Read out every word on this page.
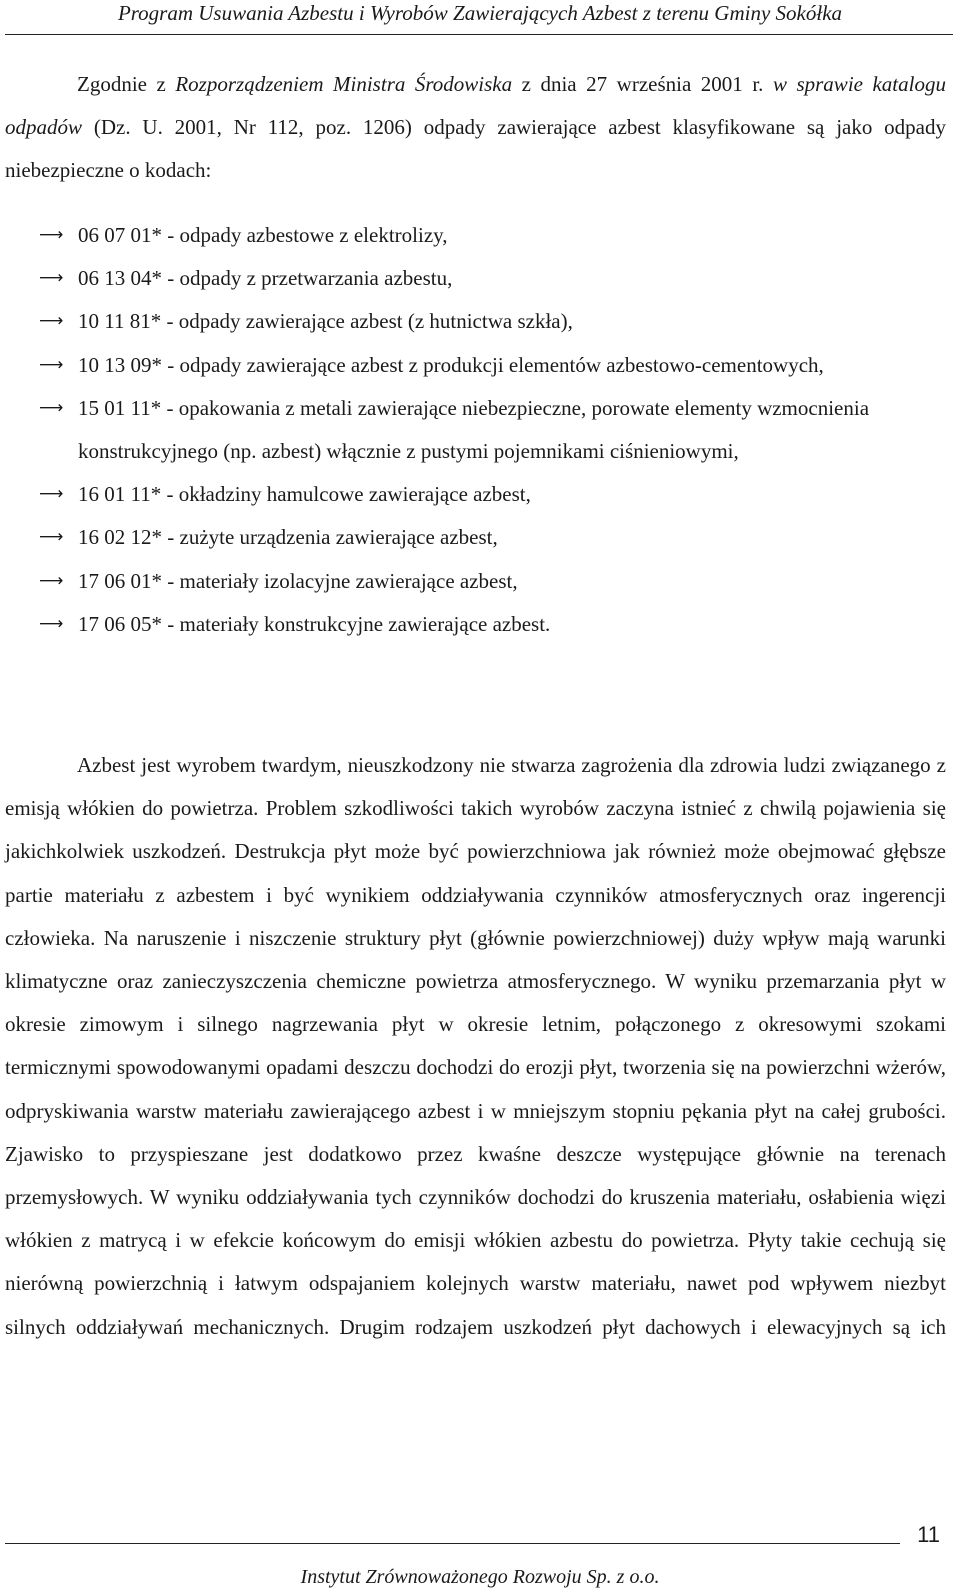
Program Usuwania Azbestu i Wyrobów Zawierających Azbest z terenu Gminy Sokółka

Zgodnie z Rozporządzeniem Ministra Środowiska z dnia 27 września 2001 r. w sprawie katalogu odpadów (Dz. U. 2001, Nr 112, poz. 1206) odpady zawierające azbest klasyfikowane są jako odpady niebezpieczne o kodach:

⟶ 06 07 01* - odpady azbestowe z elektrolizy,
⟶ 06 13 04* - odpady z przetwarzania azbestu,
⟶ 10 11 81* - odpady zawierające azbest (z hutnictwa szkła),
⟶ 10 13 09* - odpady zawierające azbest z produkcji elementów azbestowo-cementowych,
⟶ 15 01 11* - opakowania z metali zawierające niebezpieczne, porowate elementy wzmocnienia konstrukcyjnego (np. azbest) włącznie z pustymi pojemnikami ciśnieniowymi,
⟶ 16 01 11* - okładziny hamulcowe zawierające azbest,
⟶ 16 02 12* - zużyte urządzenia zawierające azbest,
⟶ 17 06 01* - materiały izolacyjne zawierające azbest,
⟶ 17 06 05* - materiały konstrukcyjne zawierające azbest.

Azbest jest wyrobem twardym, nieuszkodzony nie stwarza zagrożenia dla zdrowia ludzi związanego z emisją włókien do powietrza. Problem szkodliwości takich wyrobów zaczyna istnieć z chwilą pojawienia się jakichkolwiek uszkodzeń. Destrukcja płyt może być powierzchniowa jak również może obejmować głębsze partie materiału z azbestem i być wynikiem oddziaływania czynników atmosferycznych oraz ingerencji człowieka. Na naruszenie i niszczenie struktury płyt (głównie powierzchniowej) duży wpływ mają warunki klimatyczne oraz zanieczyszczenia chemiczne powietrza atmosferycznego. W wyniku przemarzania płyt w okresie zimowym i silnego nagrzewania płyt w okresie letnim, połączonego z okresowymi szokami termicznymi spowodowanymi opadami deszczu dochodzi do erozji płyt, tworzenia się na powierzchni wżerów, odpryskiwania warstw materiału zawierającego azbest i w mniejszym stopniu pękania płyt na całej grubości. Zjawisko to przyspieszane jest dodatkowo przez kwaśne deszcze występujące głównie na terenach przemysłowych. W wyniku oddziaływania tych czynników dochodzi do kruszenia materiału, osłabienia więzi włókien z matrycą i w efekcie końcowym do emisji włókien azbestu do powietrza. Płyty takie cechują się nierówną powierzchnią i łatwym odspajaniem kolejnych warstw materiału, nawet pod wpływem niezbyt silnych oddziaływań mechanicznych. Drugim rodzajem uszkodzeń płyt dachowych i elewacyjnych są ich

11
Instytut Zrównoważonego Rozwoju Sp. z o.o.
